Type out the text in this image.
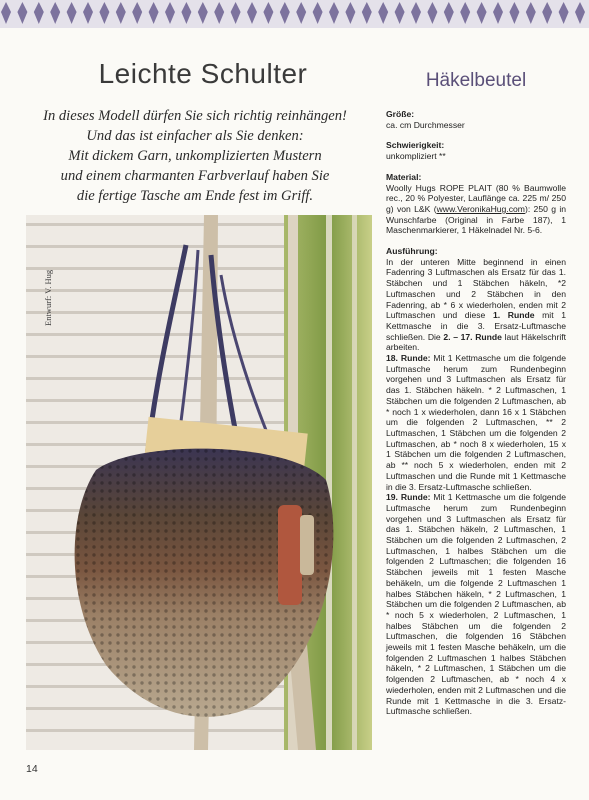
Leichte Schulter
In dieses Modell dürfen Sie sich richtig reinhängen!
Und das ist einfacher als Sie denken:
Mit dickem Garn, unkomplizierten Mustern
und einem charmanten Farbverlauf haben Sie
die fertige Tasche am Ende fest im Griff.
Entwurf: V. Hug
Häkelbeutel
Größe:
ca. cm Durchmesser
Schwierigkeit:
unkompliziert **
Material:

Woolly Hugs ROPE PLAIT (80 % Baumwolle rec., 20 % Polyester, Lauflänge ca. 225 m/ 250 g) von L&K (www.VeronikaHug.com): 250 g in Wunschfarbe (Original in Farbe 187), 1 Maschenmarkierer, 1 Häkelnadel Nr. 5-6.

Ausführung:

In der unteren Mitte beginnend in einen Fadenring 3 Luftmaschen als Ersatz für das 1. Stäbchen und 1 Stäbchen häkeln, *2 Luftmaschen und 2 Stäbchen in den Fadenring, ab * 6 x wiederholen, enden mit 2 Luftmaschen und diese 1. Runde mit 1 Kettmasche in die 3. Ersatz-Luftmasche schließen. Die 2. – 17. Runde laut Häkelschrift arbeiten.

18. Runde: Mit 1 Kettmasche um die folgende Luftmasche herum zum Rundenbeginn vorgehen und 3 Luftmaschen als Ersatz für das 1. Stäbchen häkeln. * 2 Luftmaschen, 1 Stäbchen um die folgenden 2 Luftmaschen, ab * noch 1 x wiederholen, dann 16 x 1 Stäbchen um die folgenden 2 Luftmaschen, ** 2 Luftmaschen, 1 Stäbchen um die folgenden 2 Luftmaschen, ab * noch 8 x wiederholen, 15 x 1 Stäbchen um die folgenden 2 Luftmaschen, ab ** noch 5 x wiederholen, enden mit 2 Luftmaschen und die Runde mit 1 Kettmasche in die 3. Ersatz-Luftmasche schließen.

19. Runde: Mit 1 Kettmasche um die folgende Luftmasche herum zum Rundenbeginn vorgehen und 3 Luftmaschen als Ersatz für das 1. Stäbchen häkeln, 2 Luftmaschen, 1 Stäbchen um die folgenden 2 Luftmaschen, 2 Luftmaschen, 1 halbes Stäbchen um die folgenden 2 Luftmaschen; die folgenden 16 Stäbchen jeweils mit 1 festen Masche behäkeln, um die folgende 2 Luftmaschen 1 halbes Stäbchen häkeln, * 2 Luftmaschen, 1 Stäbchen um die folgenden 2 Luftmaschen, ab * noch 5 x wiederholen, 2 Luftmaschen, 1 halbes Stäbchen um die folgenden 2 Luftmaschen, die folgenden 16 Stäbchen jeweils mit 1 festen Masche behäkeln, um die folgenden 2 Luftmaschen 1 halbes Stäbchen häkeln, * 2 Luftmaschen, 1 Stäbchen um die folgenden 2 Luftmaschen, ab * noch 4 x wiederholen, enden mit 2 Luftmaschen und die Runde mit 1 Kettmasche in die 3. Ersatz-Luftmasche schließen.

14
